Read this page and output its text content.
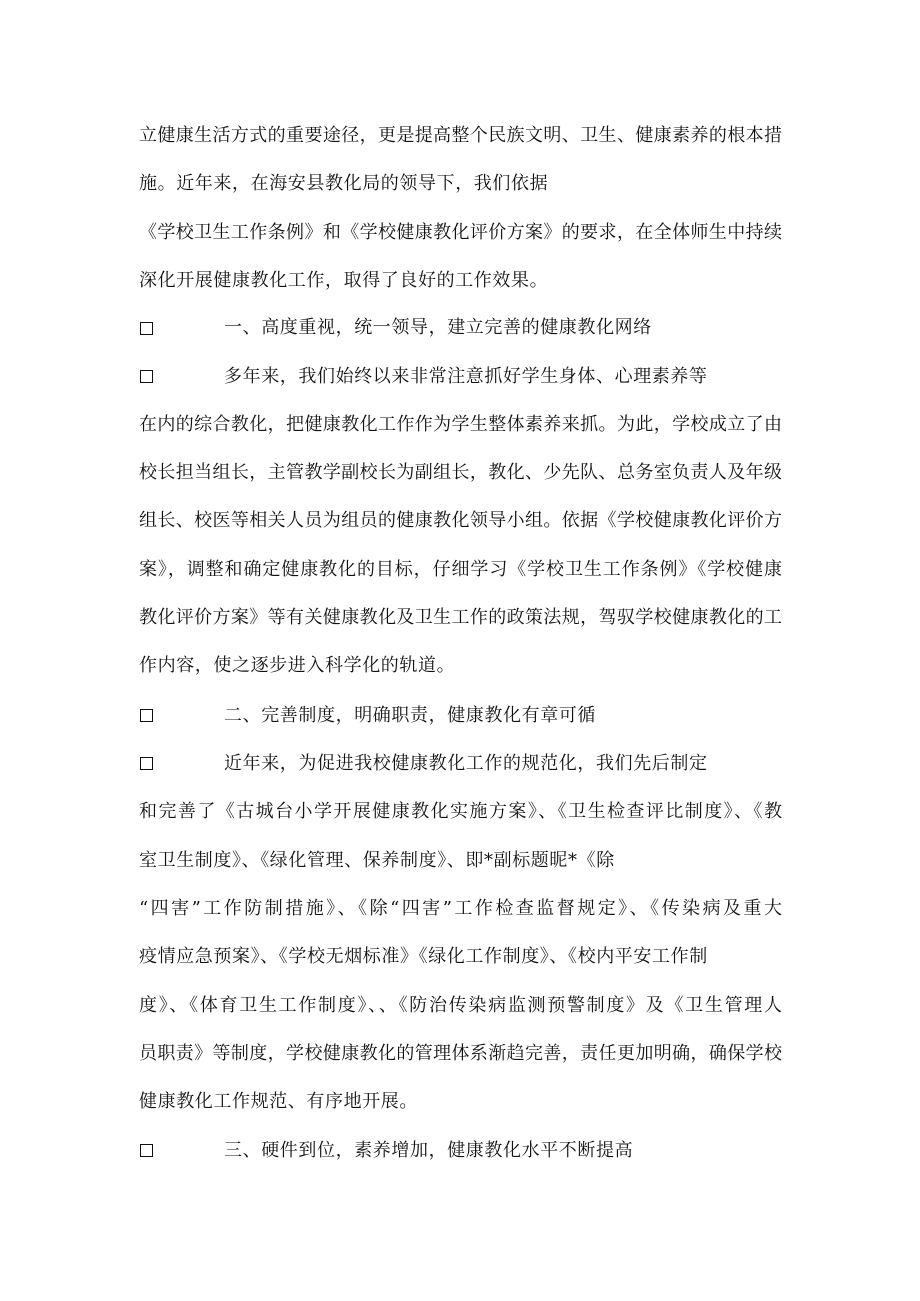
立健康生活方式的重要途径，更是提高整个民族文明、卫生、健康素养的根本措
施。近年来，在海安县教化局的领导下，我们依据
《学校卫生工作条例》和《学校健康教化评价方案》的要求，在全体师生中持续
深化开展健康教化工作，取得了良好的工作效果。
一、高度重视，统一领导，建立完善的健康教化网络
多年来，我们始终以来非常注意抓好学生身体、心理素养等
在内的综合教化，把健康教化工作作为学生整体素养来抓。为此，学校成立了由
校长担当组长，主管教学副校长为副组长，教化、少先队、总务室负责人及年级
组长、校医等相关人员为组员的健康教化领导小组。依据《学校健康教化评价方
案》，调整和确定健康教化的目标，仔细学习《学校卫生工作条例》《学校健康
教化评价方案》等有关健康教化及卫生工作的政策法规，驾驭学校健康教化的工
作内容，使之逐步进入科学化的轨道。
二、完善制度，明确职责，健康教化有章可循
近年来，为促进我校健康教化工作的规范化，我们先后制定
和完善了《古城台小学开展健康教化实施方案》、《卫生检查评比制度》、《教
室卫生制度》、《绿化管理、保养制度》、即*副标题昵*《除
“四害”工作防制措施》、《除“四害”工作检查监督规定》、《传染病及重大
疫情应急预案》、《学校无烟标准》《绿化工作制度》、《校内平安工作制
度》、《体育卫生工作制度》、、《防治传染病监测预警制度》及《卫生管理人
员职责》等制度，学校健康教化的管理体系渐趋完善，责任更加明确，确保学校
健康教化工作规范、有序地开展。
三、硬件到位，素养增加，健康教化水平不断提高
